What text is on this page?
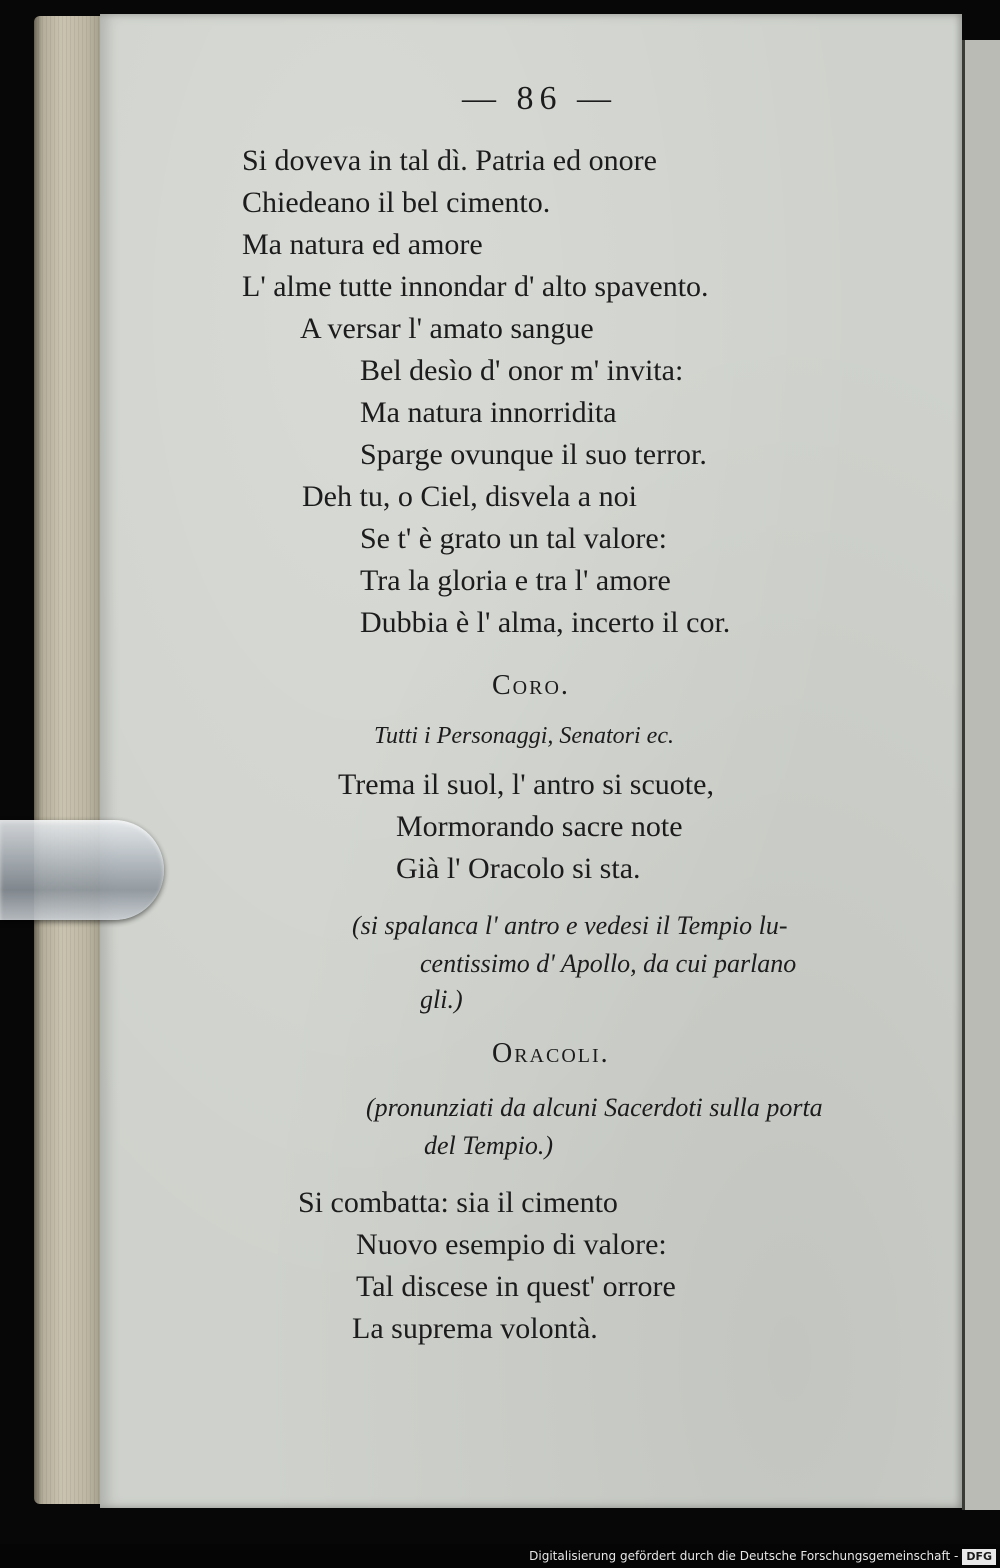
— 86 —
Si doveva in tal dì. Patria ed onore
Chiedeano il bel cimento.
Ma natura ed amore
L' alme tutte innondar d' alto spavento.
A versar l' amato sangue
Bel desìo d' onor m' invita:
Ma natura innorridita
Sparge ovunque il suo terror.
Deh tu, o Ciel, disvela a noi
Se t' è grato un tal valore:
Tra la gloria e tra l' amore
Dubbia è l' alma, incerto il cor.
Coro.
Tutti i Personaggi, Senatori ec.
Trema il suol, l' antro si scuote,
Mormorando sacre note
Già l' Oracolo si sta.
(si spalanca l' antro e vedesi il Tempio lu-
centissimo d' Apollo, da cui parlano
gli.)
Oracoli.
(pronunziati da alcuni Sacerdoti sulla porta
del Tempio.)
Si combatta: sia il cimento
Nuovo esempio di valore:
Tal discese in quest' orrore
La suprema volontà.
Digitalisierung gefördert durch die Deutsche Forschungsgemeinschaft - DFG
